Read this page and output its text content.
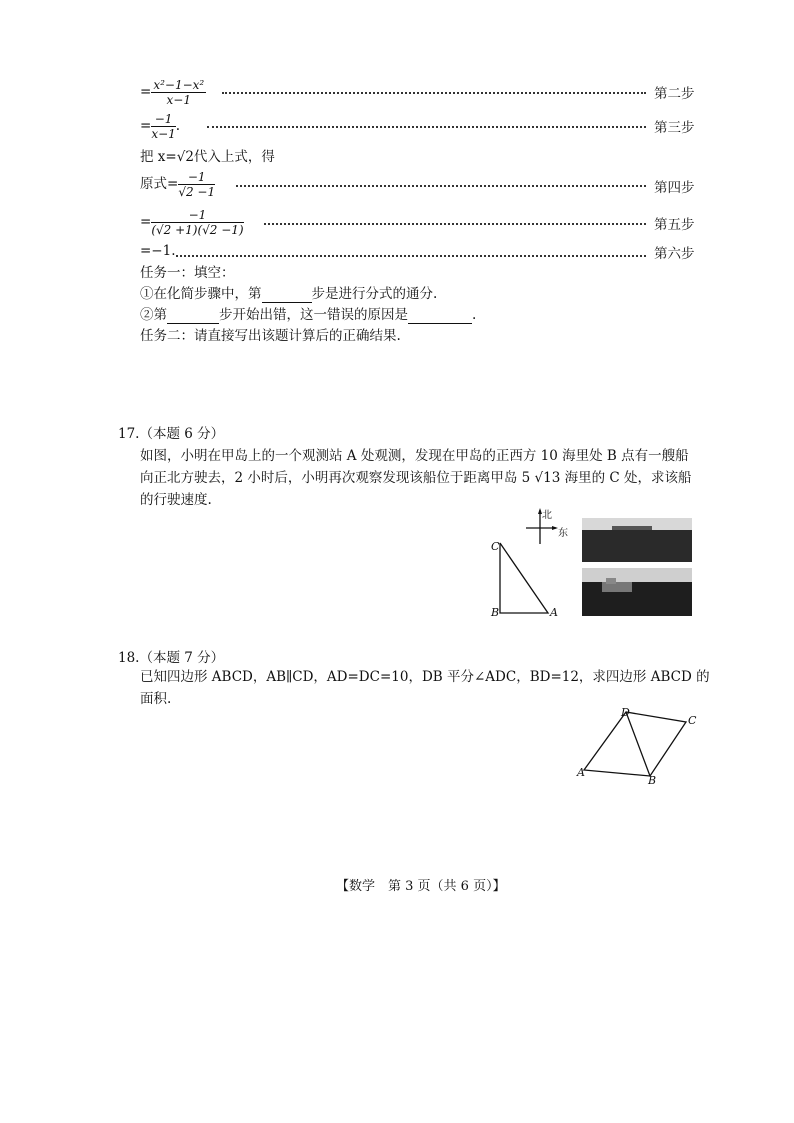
= $\frac{\text{x²−1−x²}}{x-1}$	第二步
= $\frac{-1}{x-1}$ .	第三步
把 x=√2代入上式，得
原式= $\frac{-1}{√2 -1}$	第四步
= $\frac{-1}{(√2 +1)(√2 -1)}$	第五步
=−1.	第六步
任务一：填空：
①在化简步骤中，第	步是进行分式的通分.
②第	步开始出错，这一错误的原因是	.
任务二：请直接写出该题计算后的正确结果.
17.（本题 6 分）
如图，小明在甲岛上的一个观测站 A 处观测，发现在甲岛的正西方 10 海里处 B 点有一艘船
向正北方驶去，2 小时后，小明再次观察发现该船位于距离甲岛 5 √13 海里的 C 处，求该船
的行驶速度.
北
东
C
B	A
18.（本题 7 分）
已知四边形 ABCD，AB∥CD，AD=DC=10，DB 平分∠ADC，BD=12，求四边形 ABCD 的
面积.
D
C
A
B
【数学　第 3 页（共 6 页）】
